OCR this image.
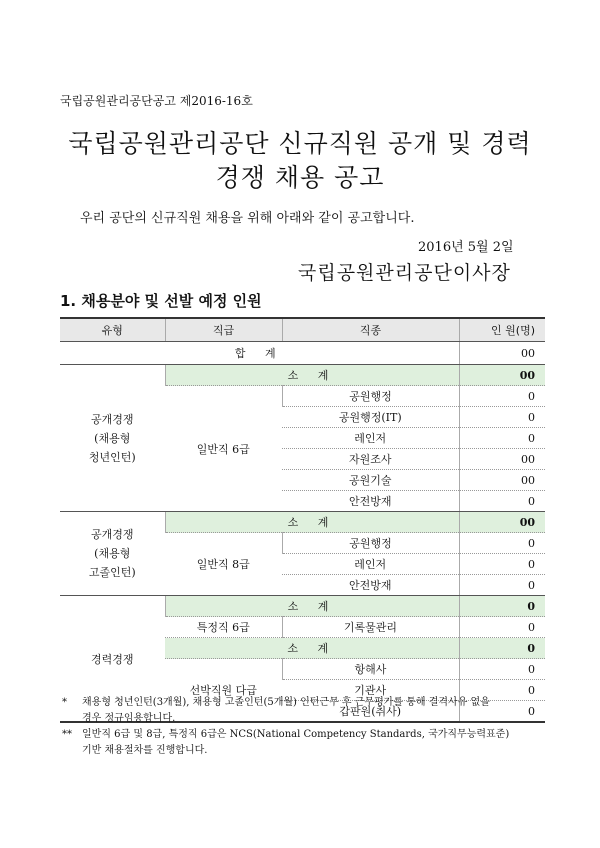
국립공원관리공단공고 제2016-16호
국립공원관리공단 신규직원 공개 및 경력
경쟁 채용 공고
우리 공단의 신규직원 채용을 위해 아래와 같이 공고합니다.
2016년 5월 2일
국립공원관리공단이사장
1. 채용분야 및 선발 예정 인원
유형	직급	직종	인 원(명)
합 계			00

공개경쟁
(채용형
청년인턴)	소 계		00
	일반직 6급	공원행정	0
		공원행정(IT)	0
		레인저	0
		자원조사	00
		공원기술	00
		안전방재	0

공개경쟁
(채용형
고졸인턴)	소 계		00
	일반직 8급	공원행정	0
		레인저	0
		안전방재	0
경력경쟁	소 계		0
	특정직 6급	기록물관리	0
	소 계		0
	선박직원 다급	항해사	0
		기관사	0
		갑판원(취사)	0
* 채용형 청년인턴(3개월), 채용형 고졸인턴(5개월) 인턴근무 후 근무평가를 통해 결격사유 없을
경우 정규임용합니다.
** 일반직 6급 및 8급, 특정직 6급은 NCS(National Competency Standards, 국가직무능력표준)
기반 채용절차를 진행합니다.
